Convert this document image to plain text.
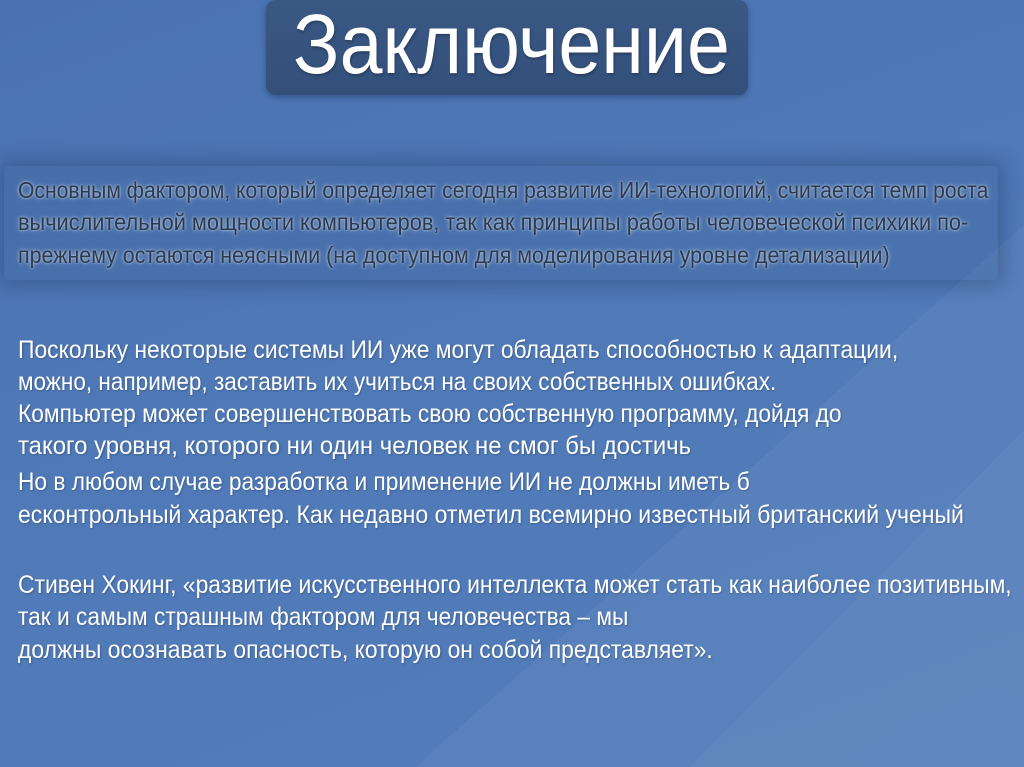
Заключение
Основным фактором, который определяет сегодня развитие ИИ-технологий, считается темп роста
вычислительной мощности компьютеров, так как принципы работы человеческой психики по-
прежнему остаются неясными (на доступном для моделирования уровне детализации)
Поскольку некоторые системы ИИ уже могут обладать способностью к адаптации,
можно, например, заставить их учиться на своих собственных ошибках.
Компьютер может совершенствовать свою собственную программу, дойдя до
такого уровня, которого ни один человек не смог бы достичь
Но в любом случае разработка и применение ИИ не должны иметь б
есконтрольный характер. Как недавно отметил всемирно известный британский ученый
Стивен Хокинг, «развитие искусственного интеллекта может стать как наиболее позитивным,
так и самым страшным фактором для человечества – мы
должны осознавать опасность, которую он собой представляет».
